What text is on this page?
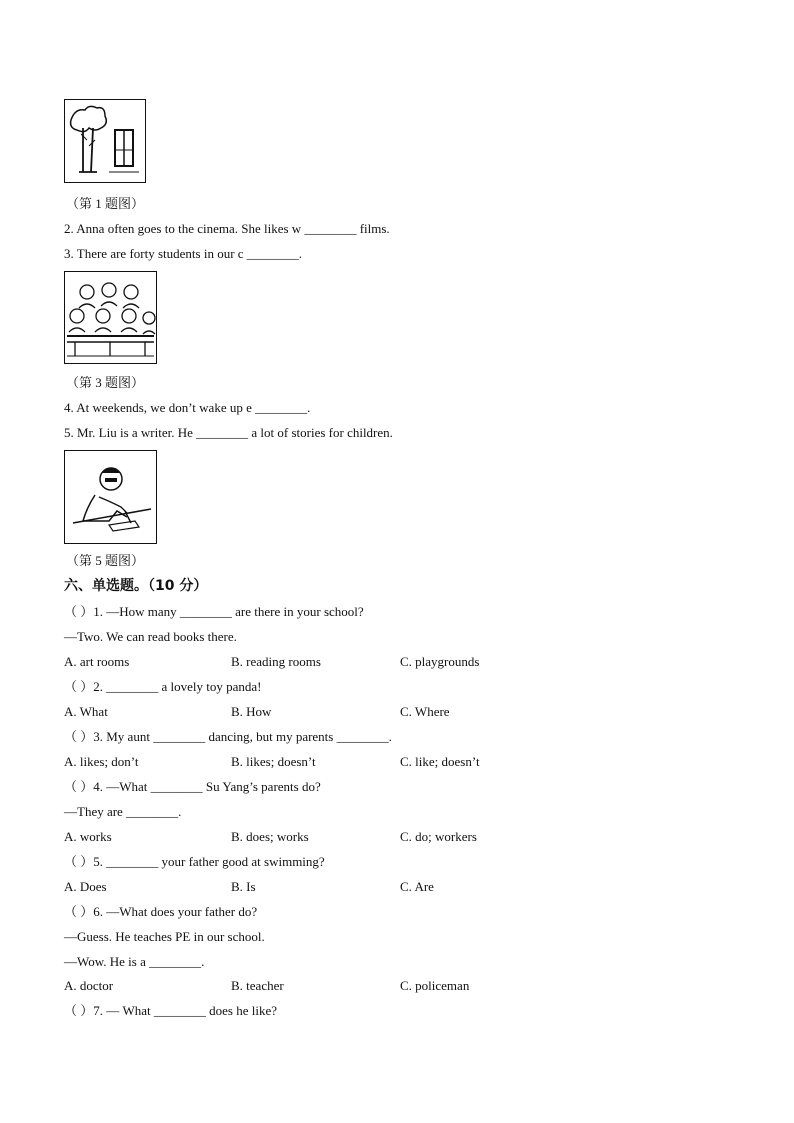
（第 1 题图）
2. Anna often goes to the cinema. She likes w ________ films.
3. There are forty students in our c ________.
（第 3 题图）
4. At weekends, we don’t wake up e ________.
5. Mr. Liu is a writer. He ________ a lot of stories for children.
（第 5 题图）
六、单选题。（10 分）
（ ）1. —How many ________ are there in your school?
—Two. We can read books there.
A. art rooms	B. reading rooms	C. playgrounds
（ ）2. ________ a lovely toy panda!
A. What	B. How	C. Where
（ ）3. My aunt ________ dancing, but my parents ________.
A. likes; don’t	B. likes; doesn’t	C. like; doesn’t
（ ）4. —What ________ Su Yang’s parents do?
—They are ________.
A. works	B. does; works	C. do; workers
（ ）5. ________ your father good at swimming?
A. Does	B. Is	C. Are
（ ）6. —What does your father do?
—Guess. He teaches PE in our school.
—Wow. He is a ________.
A. doctor	B. teacher	C. policeman
（ ）7. — What ________ does he like?
